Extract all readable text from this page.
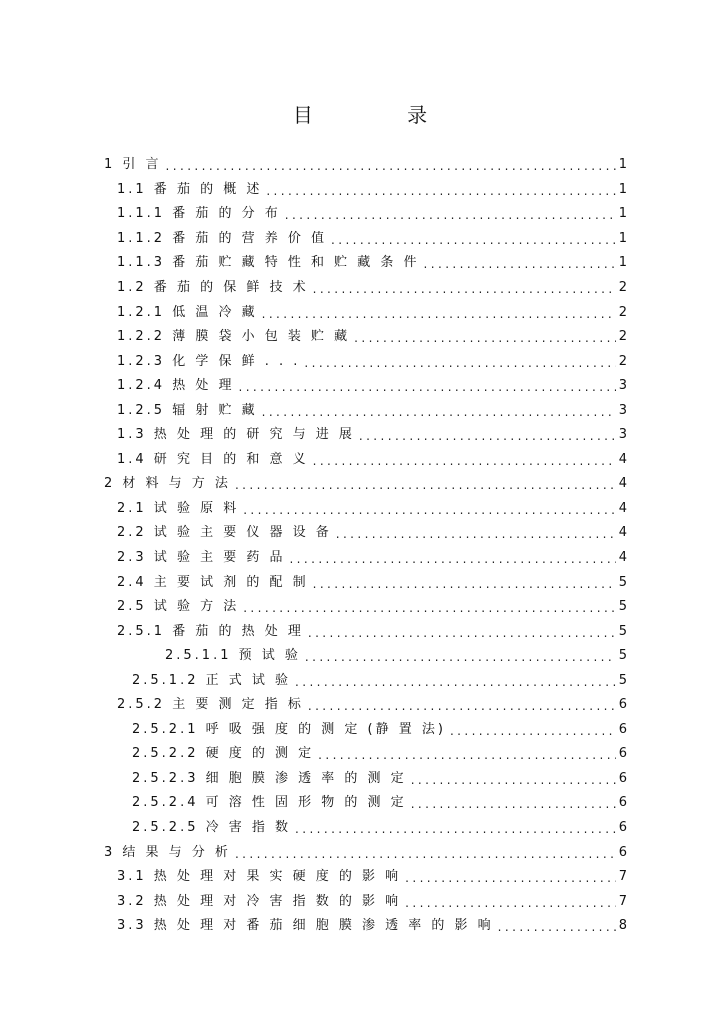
目 录
1 引 言 .....	1
1.1 番 茄 的 概 述 .....	1
1.1.1 番 茄 的 分 布 .....	1
1.1.2 番 茄 的 营 养 价 值 .....	1
1.1.3 番 茄 贮 藏 特 性 和 贮 藏 条 件 .....	1
1.2 番 茄 的 保 鲜 技 术 .....	2
1.2.1 低 温 冷 藏 .....	2
1.2.2 薄 膜 袋 小 包 装 贮 藏 .....	2
1.2.3 化 学 保 鲜 . . . .....	2
1.2.4 热 处 理 .....	3
1.2.5 辐 射 贮 藏 .....	3
1.3 热 处 理 的 研 究 与 进 展 .....	3
1.4 研 究 目 的 和 意 义 .....	4
2 材 料 与 方 法 .....	4
2.1 试 验 原 料 .....	4
2.2 试 验 主 要 仪 器 设 备 .....	4
2.3 试 验 主 要 药 品 .....	4
2.4 主 要 试 剂 的 配 制 .....	5
2.5 试 验 方 法 .....	5
2.5.1 番 茄 的 热 处 理 .....	5
2.5.1.1 预 试 验 .....	5
2.5.1.2 正 式 试 验 .....	5
2.5.2 主 要 测 定 指 标 .....	6
2.5.2.1 呼 吸 强 度 的 测 定 (静 置 法) .....	6
2.5.2.2 硬 度 的 测 定 .....	6
2.5.2.3 细 胞 膜 渗 透 率 的 测 定 .....	6
2.5.2.4 可 溶 性 固 形 物 的 测 定 .....	6
2.5.2.5 冷 害 指 数 .....	6
3 结 果 与 分 析 .....	6
3.1 热 处 理 对 果 实 硬 度 的 影 响 .....	7
3.2 热 处 理 对 冷 害 指 数 的 影 响 .....	7
3.3 热 处 理 对 番 茄 细 胞 膜 渗 透 率 的 影 响 .....	8
